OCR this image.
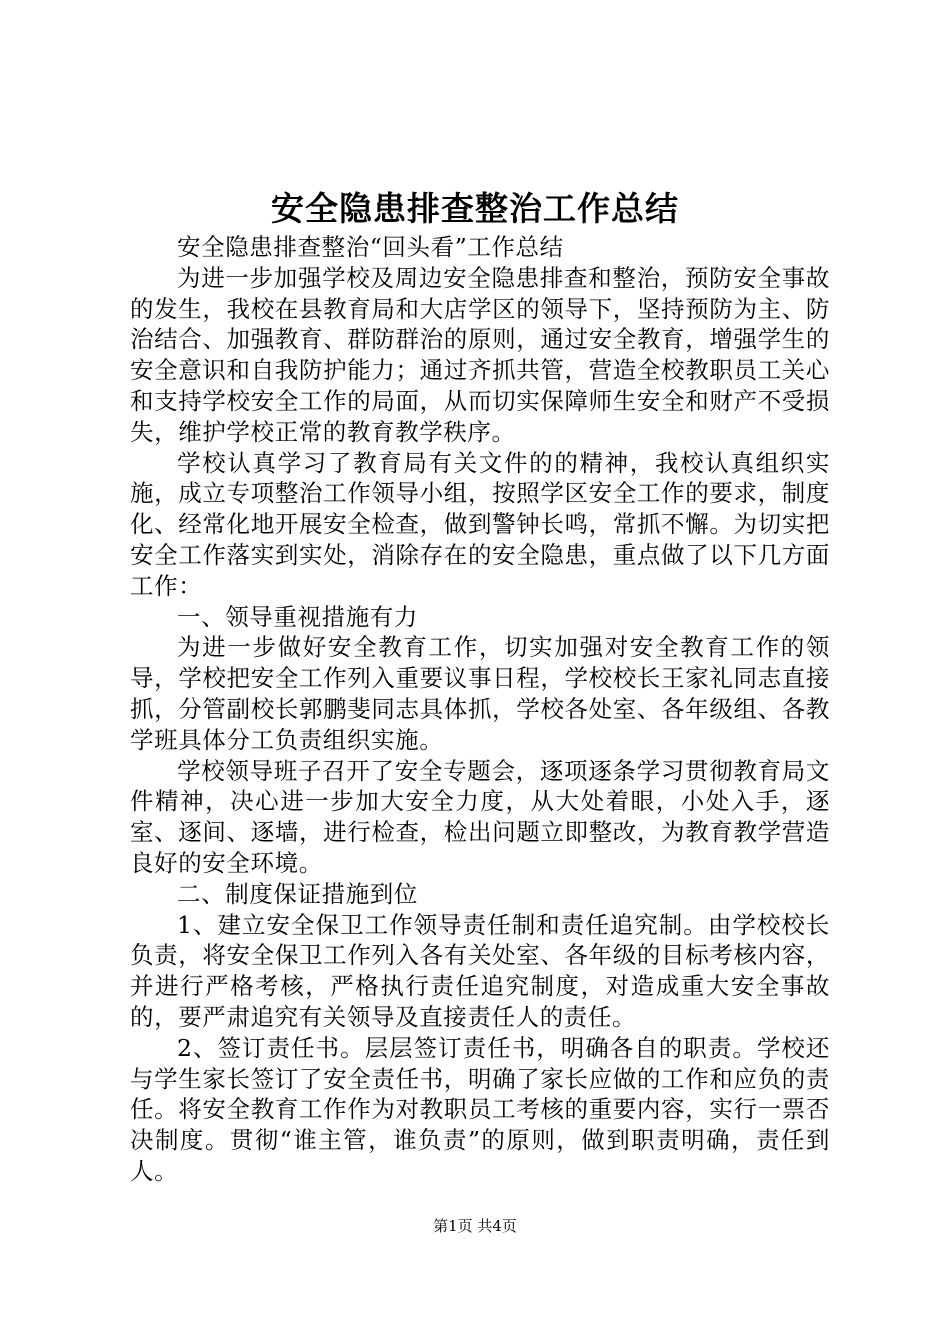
安全隐患排查整治工作总结

安全隐患排查整治“回头看”工作总结

为进一步加强学校及周边安全隐患排查和整治，预防安全事故的发生，我校在县教育局和大店学区的领导下，坚持预防为主、防治结合、加强教育、群防群治的原则，通过安全教育，增强学生的安全意识和自我防护能力；通过齐抓共管，营造全校教职员工关心和支持学校安全工作的局面，从而切实保障师生安全和财产不受损失，维护学校正常的教育教学秩序。

学校认真学习了教育局有关文件的的精神，我校认真组织实施，成立专项整治工作领导小组，按照学区安全工作的要求，制度化、经常化地开展安全检查，做到警钟长鸣，常抓不懈。为切实把安全工作落实到实处，消除存在的安全隐患，重点做了以下几方面工作：

一、领导重视措施有力

为进一步做好安全教育工作，切实加强对安全教育工作的领导，学校把安全工作列入重要议事日程，学校校长王家礼同志直接抓，分管副校长郭鹏斐同志具体抓，学校各处室、各年级组、各教学班具体分工负责组织实施。

学校领导班子召开了安全专题会，逐项逐条学习贯彻教育局文件精神，决心进一步加大安全力度，从大处着眼，小处入手，逐室、逐间、逐墙，进行检查，检出问题立即整改，为教育教学营造良好的安全环境。

二、制度保证措施到位

1、建立安全保卫工作领导责任制和责任追究制。由学校校长负责，将安全保卫工作列入各有关处室、各年级的目标考核内容，并进行严格考核，严格执行责任追究制度，对造成重大安全事故的，要严肃追究有关领导及直接责任人的责任。

2、签订责任书。层层签订责任书，明确各自的职责。学校还与学生家长签订了安全责任书，明确了家长应做的工作和应负的责任。将安全教育工作作为对教职员工考核的重要内容，实行一票否决制度。贯彻“谁主管，谁负责”的原则，做到职责明确，责任到人。

第1页 共4页
